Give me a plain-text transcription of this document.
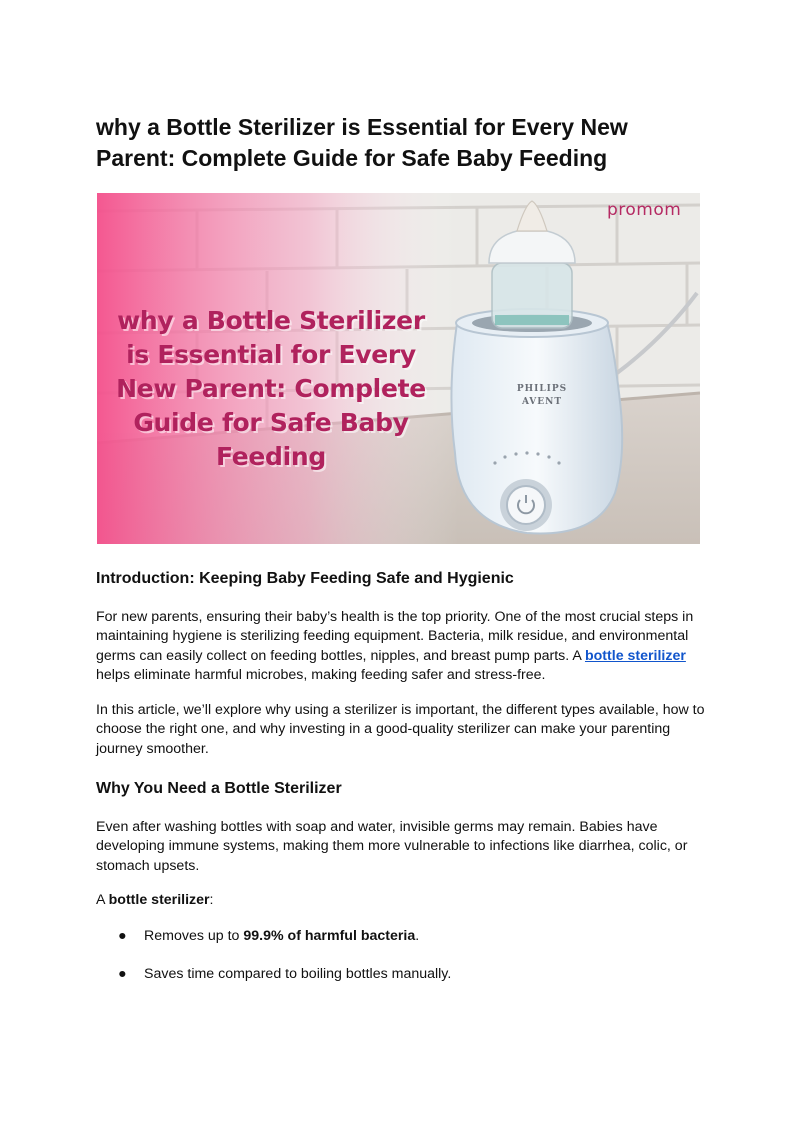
why a Bottle Sterilizer is Essential for Every New Parent: Complete Guide for Safe Baby Feeding
why a Bottle Sterilizer is Essential for Every New Parent: Complete Guide for Safe Baby Feeding
promom
PHILIPS
AVENT
Introduction: Keeping Baby Feeding Safe and Hygienic

For new parents, ensuring their baby’s health is the top priority. One of the most crucial steps in maintaining hygiene is sterilizing feeding equipment. Bacteria, milk residue, and environmental germs can easily collect on feeding bottles, nipples, and breast pump parts. A bottle sterilizer helps eliminate harmful microbes, making feeding safer and stress-free.

In this article, we’ll explore why using a sterilizer is important, the different types available, how to choose the right one, and why investing in a good-quality sterilizer can make your parenting journey smoother.

Why You Need a Bottle Sterilizer

Even after washing bottles with soap and water, invisible germs may remain. Babies have developing immune systems, making them more vulnerable to infections like diarrhea, colic, or stomach upsets.

A bottle sterilizer:

● Removes up to 99.9% of harmful bacteria.
● Saves time compared to boiling bottles manually.
